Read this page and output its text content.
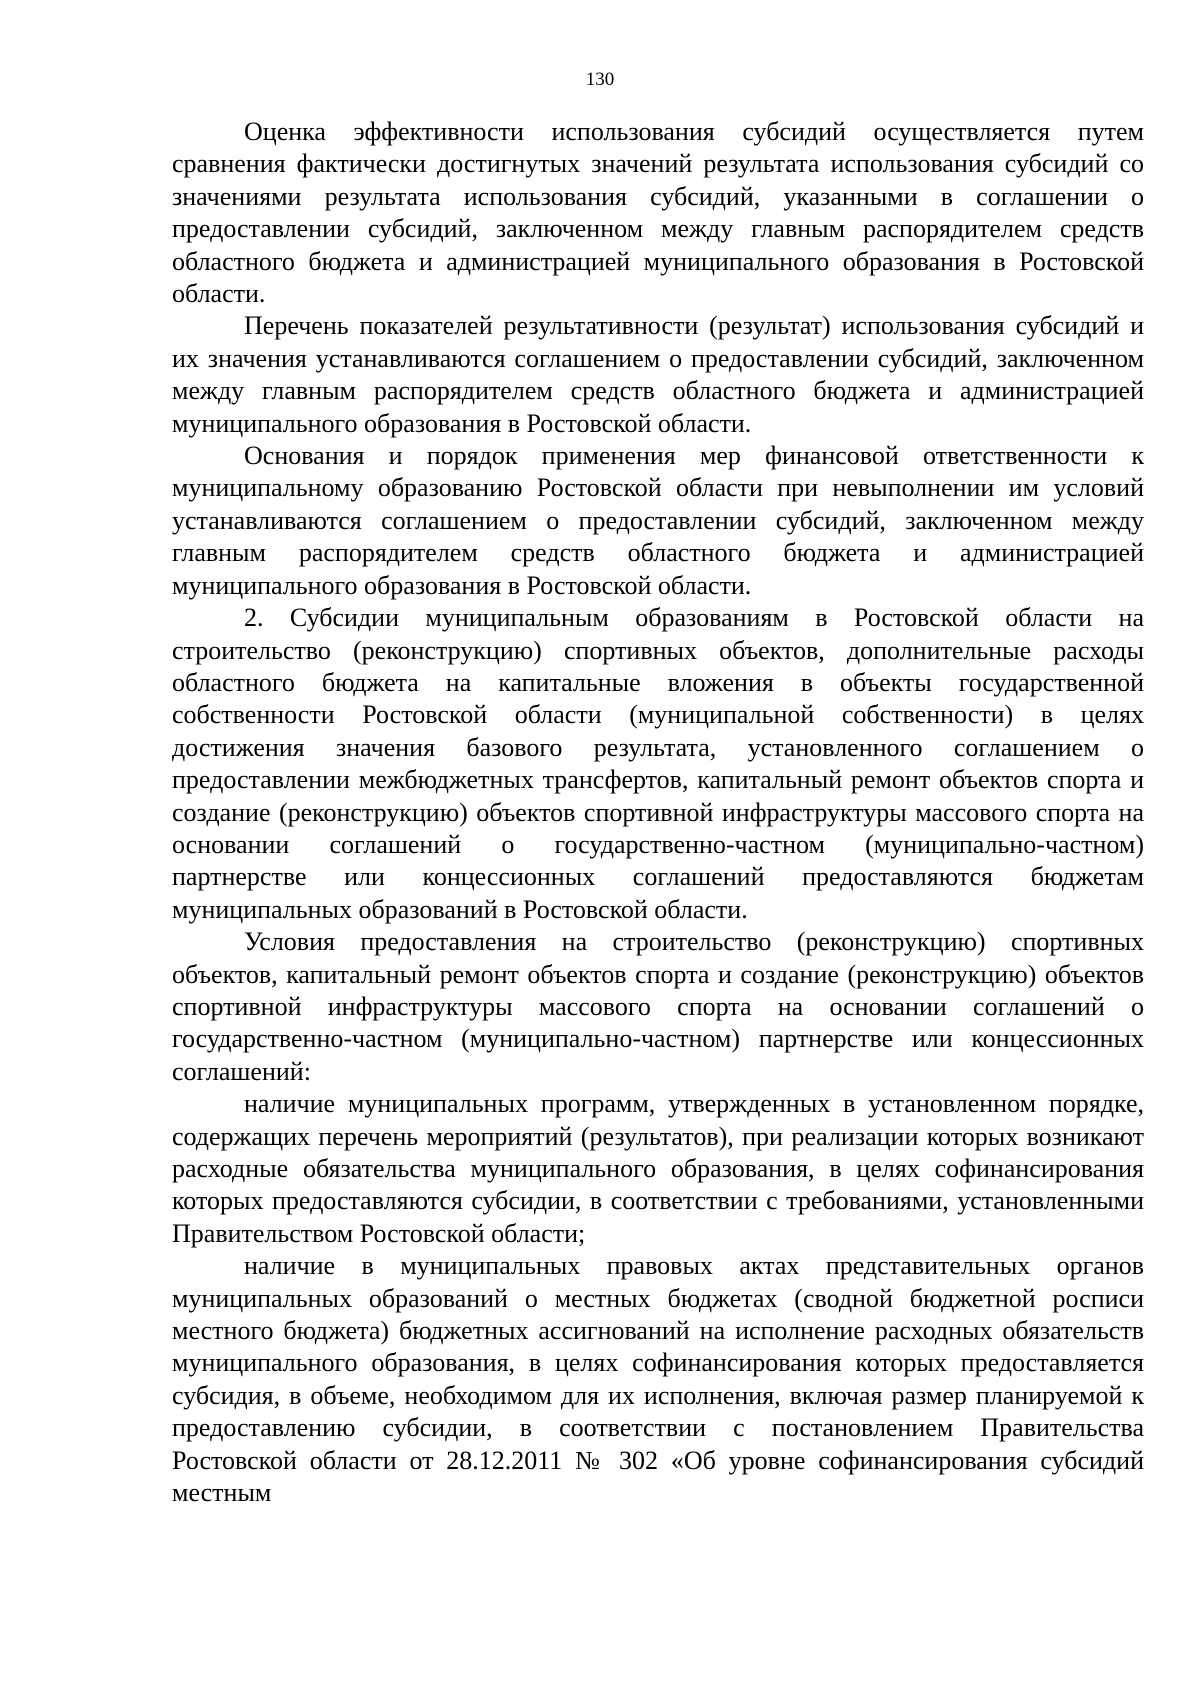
130

Оценка эффективности использования субсидий осуществляется путем сравнения фактически достигнутых значений результата использования субсидий со значениями результата использования субсидий, указанными в соглашении о предоставлении субсидий, заключенном между главным распорядителем средств областного бюджета и администрацией муниципального образования в Ростовской области.

Перечень показателей результативности (результат) использования субсидий и их значения устанавливаются соглашением о предоставлении субсидий, заключенном между главным распорядителем средств областного бюджета и администрацией муниципального образования в Ростовской области.

Основания и порядок применения мер финансовой ответственности к муниципальному образованию Ростовской области при невыполнении им условий устанавливаются соглашением о предоставлении субсидий, заключенном между главным распорядителем средств областного бюджета и администрацией муниципального образования в Ростовской области.

2. Субсидии муниципальным образованиям в Ростовской области на строительство (реконструкцию) спортивных объектов, дополнительные расходы областного бюджета на капитальные вложения в объекты государственной собственности Ростовской области (муниципальной собственности) в целях достижения значения базового результата, установленного соглашением о предоставлении межбюджетных трансфертов, капитальный ремонт объектов спорта и создание (реконструкцию) объектов спортивной инфраструктуры массового спорта на основании соглашений о государственно-частном (муниципально-частном) партнерстве или концессионных соглашений предоставляются бюджетам муниципальных образований в Ростовской области.

Условия предоставления на строительство (реконструкцию) спортивных объектов, капитальный ремонт объектов спорта и создание (реконструкцию) объектов спортивной инфраструктуры массового спорта на основании соглашений о государственно-частном (муниципально-частном) партнерстве или концессионных соглашений:

наличие муниципальных программ, утвержденных в установленном порядке, содержащих перечень мероприятий (результатов), при реализации которых возникают расходные обязательства муниципального образования, в целях софинансирования которых предоставляются субсидии, в соответствии с требованиями, установленными Правительством Ростовской области;

наличие в муниципальных правовых актах представительных органов муниципальных образований о местных бюджетах (сводной бюджетной росписи местного бюджета) бюджетных ассигнований на исполнение расходных обязательств муниципального образования, в целях софинансирования которых предоставляется субсидия, в объеме, необходимом для их исполнения, включая размер планируемой к предоставлению субсидии, в соответствии с постановлением Правительства Ростовской области от 28.12.2011 № 302 «Об уровне софинансирования субсидий местным
